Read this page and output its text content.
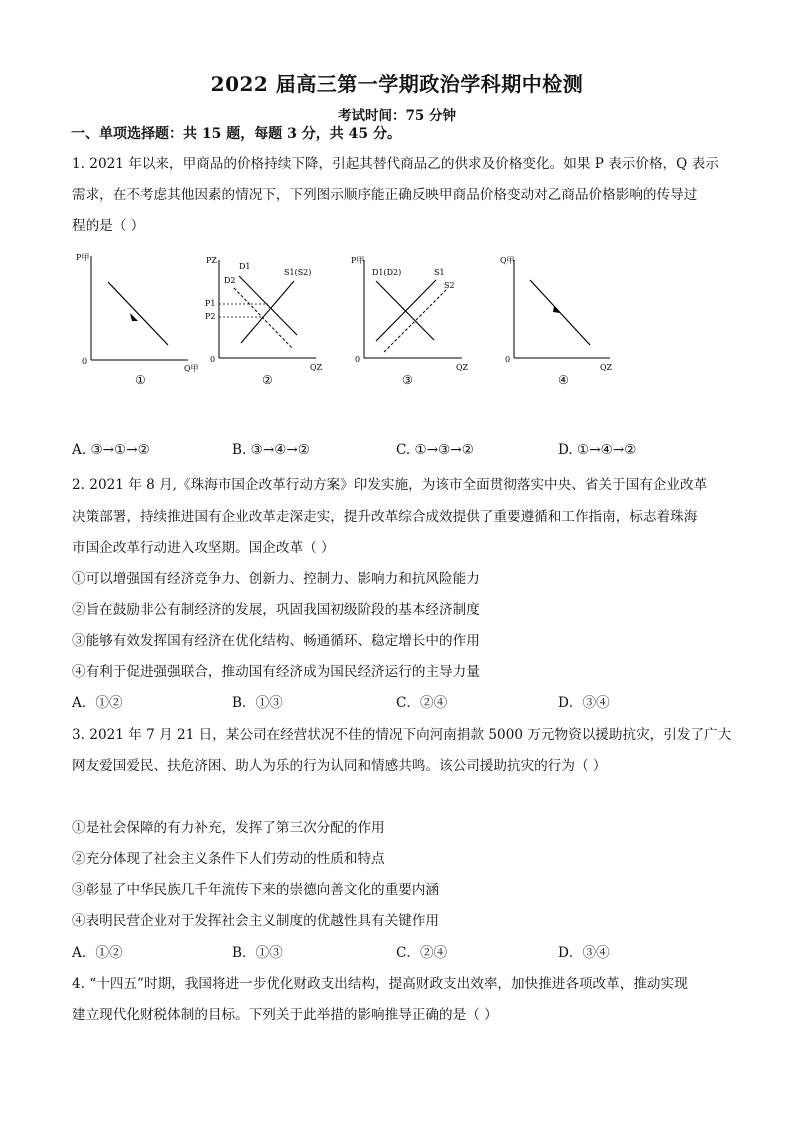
2022 届高三第一学期政治学科期中检测
考试时间：75 分钟
一、单项选择题：共 15 题，每题 3 分，共 45 分。
1. 2021 年以来，甲商品的价格持续下降，引起其替代商品乙的供求及价格变化。如果 P 表示价格，Q 表示
需求，在不考虑其他因素的情况下，下列图示顺序能正确反映甲商品价格变动对乙商品价格影响的传导过
程的是（ ）
P甲
Q甲
0
①
PZ
QZ
0
D1
D2
S1(S2)
P1
P2
②
P甲
QZ
0
D1(D2)	S1
S2
③
Q甲
QZ
0
④
A. ③→①→②	B. ③→④→②	C. ①→③→②	D. ①→④→②
2. 2021 年 8 月,《珠海市国企改革行动方案》印发实施，为该市全面贯彻落实中央、省关于国有企业改革
决策部署，持续推进国有企业改革走深走实，提升改革综合成效提供了重要遵循和工作指南，标志着珠海
市国企改革行动进入攻坚期。国企改革（ ）
①可以增强国有经济竞争力、创新力、控制力、影响力和抗风险能力
②旨在鼓励非公有制经济的发展，巩固我国初级阶段的基本经济制度
③能够有效发挥国有经济在优化结构、畅通循环、稳定增长中的作用
④有利于促进强强联合，推动国有经济成为国民经济运行的主导力量
A．①②	B．①③	C．②④	D．③④
3. 2021 年 7 月 21 日，某公司在经营状况不佳的情况下向河南捐款 5000 万元物资以援助抗灾，引发了广大
网友爱国爱民、扶危济困、助人为乐的行为认同和情感共鸣。该公司援助抗灾的行为（ ）
①是社会保障的有力补充，发挥了第三次分配的作用
②充分体现了社会主义条件下人们劳动的性质和特点
③彰显了中华民族几千年流传下来的崇德向善文化的重要内涵
④表明民营企业对于发挥社会主义制度的优越性具有关键作用
A．①②	B．①③	C．②④	D．③④
4. “十四五”时期，我国将进一步优化财政支出结构，提高财政支出效率，加快推进各项改革，推动实现
建立现代化财税体制的目标。下列关于此举措的影响推导正确的是（ ）
